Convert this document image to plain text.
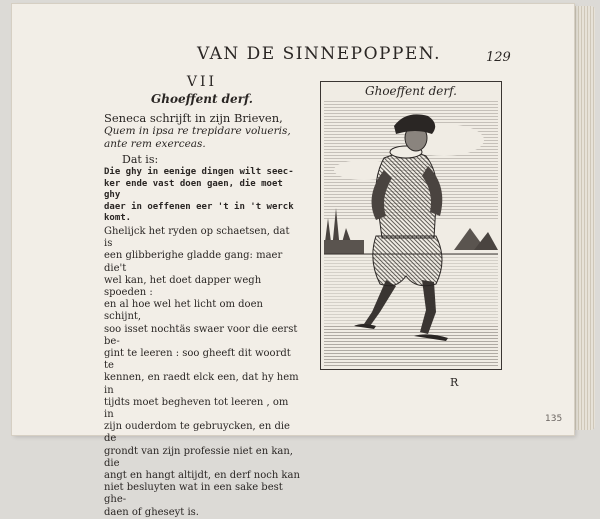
VAN DE SINNEPOPPEN.	129
VII
Ghoeffent derf.
Seneca schrijft in zijn Brieven,
Quem in ipsa re trepidare volueris,
ante rem exerceas.
Dat is:
Die ghy in eenige dingen wilt seec-
ker ende vast doen gaen, die moet ghy
daer in oeffenen eer 't in 't werck komt.
Ghelijck het ryden op schaetsen, dat is
een glibberighe gladde gang: maer die't
wel kan, het doet dapper wegh spoeden :
en al hoe wel het licht om doen schijnt,
soo isset nochtäs swaer voor die eerst be-
gint te leeren : soo gheeft dit woordt te
kennen, en raedt elck een, dat hy hem in
tijdts moet begheven tot leeren , om in
zijn ouderdom te gebruycken, en die de
grondt van zijn professie niet en kan, die
angt en hangt altijdt, en derf noch kan
niet besluyten wat in een sake best ghe-
daen of gheseyt is.
Ghoeffent derf.
R
135
